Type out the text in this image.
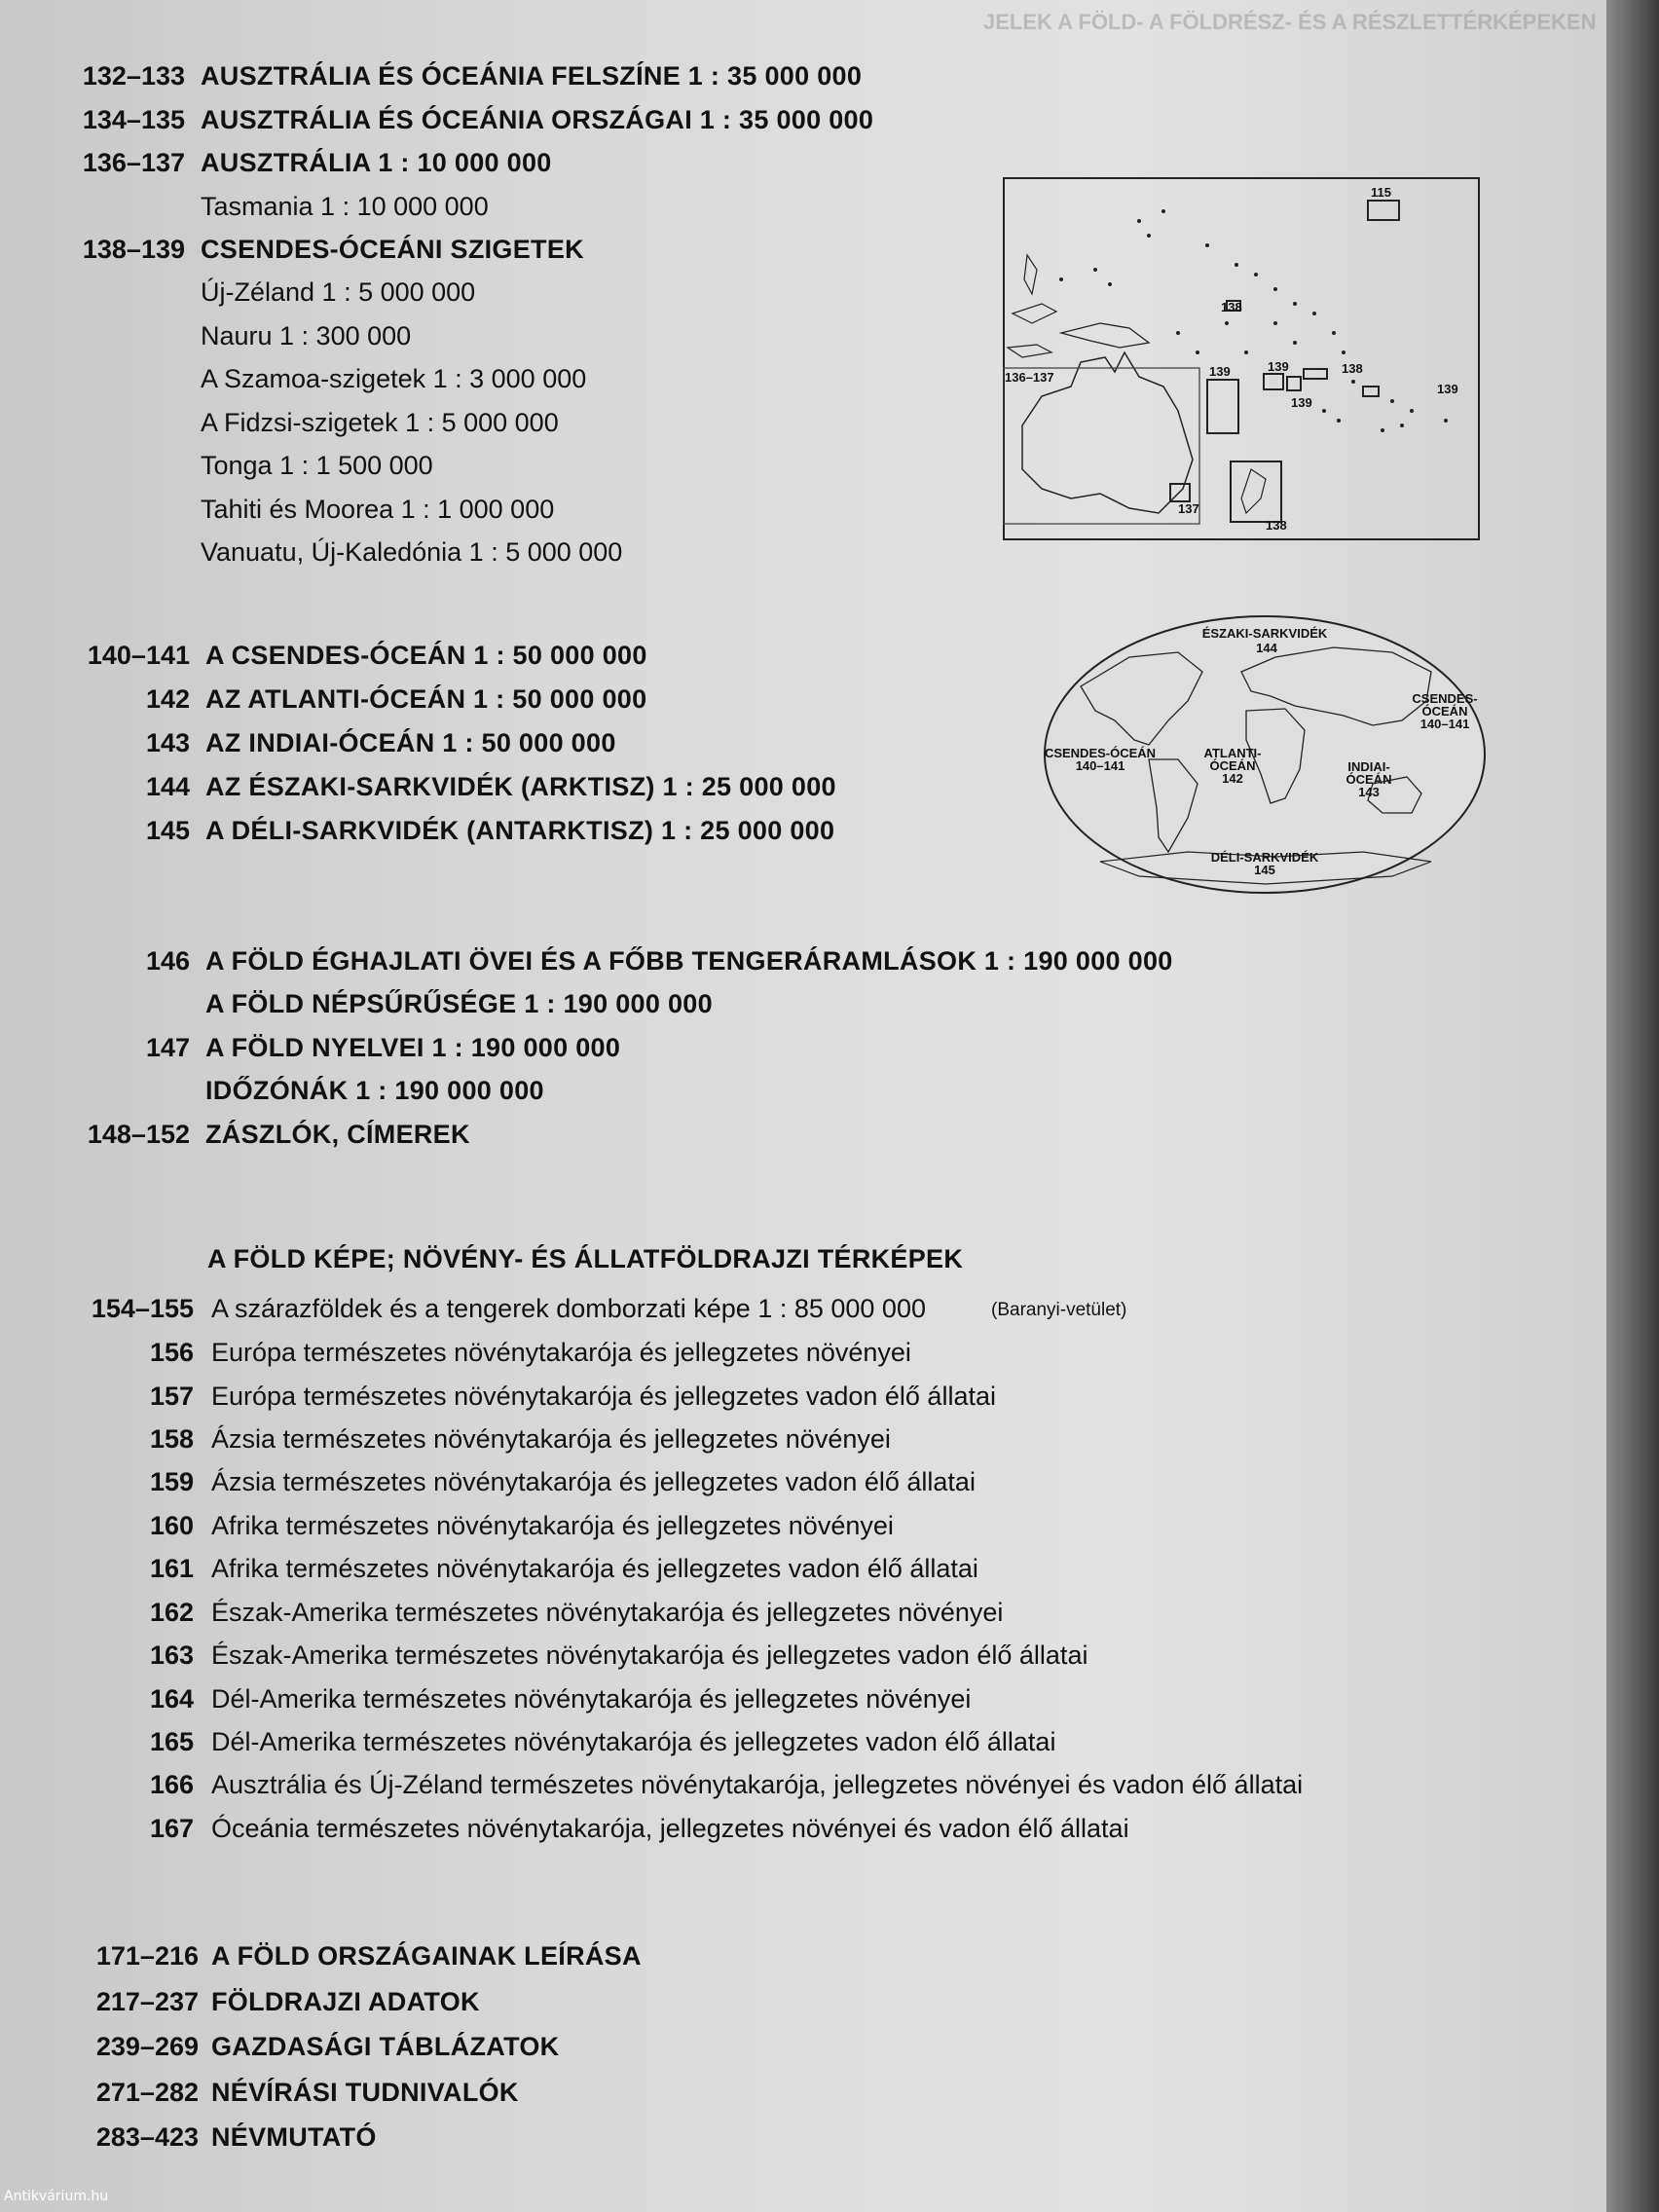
JELEK A FÖLD- A FÖLDRÉSZ- ÉS A RÉSZLETTÉRKÉPEKEN
132–133 AUSZTRÁLIA ÉS ÓCEÁNIA FELSZÍNE 1 : 35 000 000
134–135 AUSZTRÁLIA ÉS ÓCEÁNIA ORSZÁGAI 1 : 35 000 000
136–137 AUSZTRÁLIA 1 : 10 000 000
Tasmania 1 : 10 000 000
138–139 CSENDES-ÓCEÁNI SZIGETEK
Új-Zéland 1 : 5 000 000
Nauru 1 : 300 000
A Szamoa-szigetek 1 : 3 000 000
A Fidzsi-szigetek 1 : 5 000 000
Tonga 1 : 1 500 000
Tahiti és Moorea 1 : 1 000 000
Vanuatu, Új-Kaledónia 1 : 5 000 000
115
138
139	139	138
139
139
136–137
137
138
140–141 A CSENDES-ÓCEÁN 1 : 50 000 000
142 AZ ATLANTI-ÓCEÁN 1 : 50 000 000
143 AZ INDIAI-ÓCEÁN 1 : 50 000 000
144 AZ ÉSZAKI-SARKVIDÉK (ARKTISZ) 1 : 25 000 000
145 A DÉLI-SARKVIDÉK (ANTARKTISZ) 1 : 25 000 000
ÉSZAKI-SARKVIDÉK
144
CSENDES-
ÓCEÁN
140–141
CSENDES-ÓCEÁN
140–141
ATLANTI-
ÓCEÁN
142
INDIAI-
ÓCEÁN
143
DÉLI-SARKVIDÉK
145
146 A FÖLD ÉGHAJLATI ÖVEI ÉS A FŐBB TENGERÁRAMLÁSOK 1 : 190 000 000
A FÖLD NÉPSŰRŰSÉGE 1 : 190 000 000
147 A FÖLD NYELVEI 1 : 190 000 000
IDŐZÓNÁK 1 : 190 000 000
148–152 ZÁSZLÓK, CÍMEREK
A FÖLD KÉPE; NÖVÉNY- ÉS ÁLLATFÖLDRAJZI TÉRKÉPEK
154–155 A szárazföldek és a tengerek domborzati képe 1 : 85 000 000	(Baranyi-vetület)
156 Európa természetes növénytakarója és jellegzetes növényei
157 Európa természetes növénytakarója és jellegzetes vadon élő állatai
158 Ázsia természetes növénytakarója és jellegzetes növényei
159 Ázsia természetes növénytakarója és jellegzetes vadon élő állatai
160 Afrika természetes növénytakarója és jellegzetes növényei
161 Afrika természetes növénytakarója és jellegzetes vadon élő állatai
162 Észak-Amerika természetes növénytakarója és jellegzetes növényei
163 Észak-Amerika természetes növénytakarója és jellegzetes vadon élő állatai
164 Dél-Amerika természetes növénytakarója és jellegzetes növényei
165 Dél-Amerika természetes növénytakarója és jellegzetes vadon élő állatai
166 Ausztrália és Új-Zéland természetes növénytakarója, jellegzetes növényei és vadon élő állatai
167 Óceánia természetes növénytakarója, jellegzetes növényei és vadon élő állatai
171–216 A FÖLD ORSZÁGAINAK LEÍRÁSA
217–237 FÖLDRAJZI ADATOK
239–269 GAZDASÁGI TÁBLÁZATOK
271–282 NÉVÍRÁSI TUDNIVALÓK
283–423 NÉVMUTATÓ
Antikvárium.hu
